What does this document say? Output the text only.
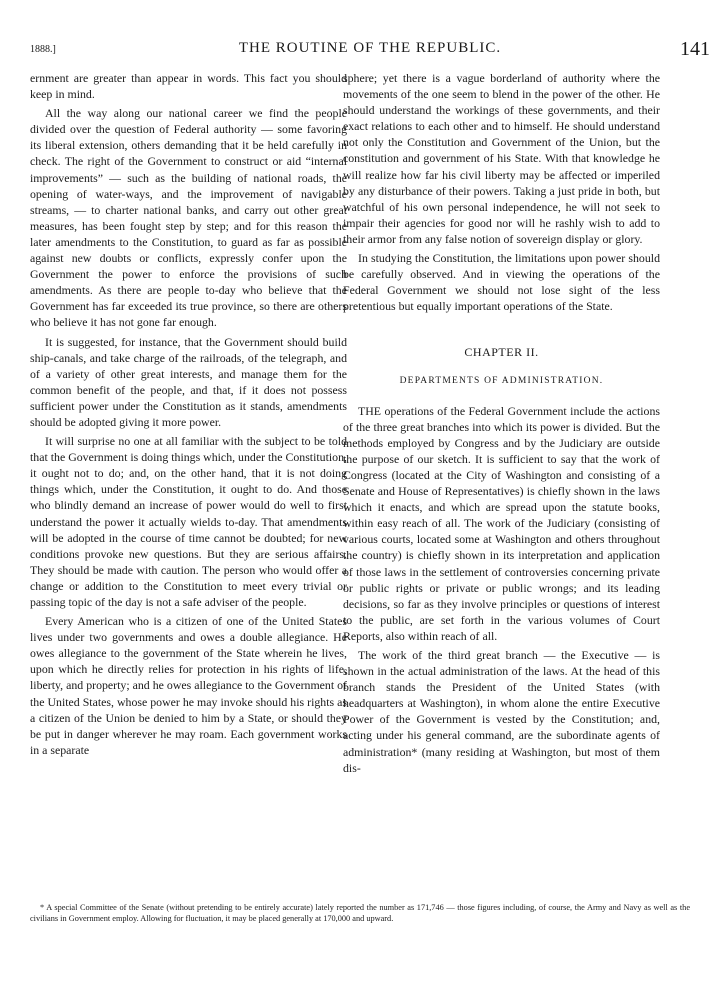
1888.]	THE ROUTINE OF THE REPUBLIC.	141

ernment are greater than appear in words. This fact you should keep in mind.

All the way along our national career we find the people divided over the question of Federal authority — some favoring its liberal extension, others demanding that it be held carefully in check. The right of the Government to construct or aid “internal improvements” — such as the building of national roads, the opening of water-ways, and the improvement of navigable streams, — to charter national banks, and carry out other great measures, has been fought step by step; and for this reason the later amendments to the Constitution, to guard as far as possible against new doubts or conflicts, expressly confer upon the Government the power to enforce the provisions of such amendments. As there are people to-day who believe that the Government has far exceeded its true province, so there are others who believe it has not gone far enough.

It is suggested, for instance, that the Government should build ship-canals, and take charge of the railroads, of the telegraph, and of a variety of other great interests, and manage them for the common benefit of the people, and that, if it does not possess sufficient power under the Constitution as it stands, amendments should be adopted giving it more power.

It will surprise no one at all familiar with the subject to be told that the Government is doing things which, under the Constitution, it ought not to do; and, on the other hand, that it is not doing things which, under the Constitution, it ought to do. And those who blindly demand an increase of power would do well to first understand the power it actually wields to-day. That amendments will be adopted in the course of time cannot be doubted; for new conditions provoke new questions. But they are serious affairs. They should be made with caution. The person who would offer a change or addition to the Constitution to meet every trivial or passing topic of the day is not a safe adviser of the people.

Every American who is a citizen of one of the United States lives under two governments and owes a double allegiance. He owes allegiance to the government of the State wherein he lives, upon which he directly relies for protection in his rights of life, liberty, and property; and he owes allegiance to the Government of the United States, whose power he may invoke should his rights as a citizen of the Union be denied to him by a State, or should they be put in danger wherever he may roam. Each government works in a separate

sphere; yet there is a vague borderland of authority where the movements of the one seem to blend in the power of the other. He should understand the workings of these governments, and their exact relations to each other and to himself. He should understand not only the Constitution and Government of the Union, but the constitution and government of his State. With that knowledge he will realize how far his civil liberty may be affected or imperiled by any disturbance of their powers. Taking a just pride in both, but watchful of his own personal independence, he will not seek to impair their agencies for good nor will he rashly wish to add to their armor from any false notion of sovereign display or glory.

In studying the Constitution, the limitations upon power should be carefully observed. And in viewing the operations of the Federal Government we should not lose sight of the less pretentious but equally important operations of the State.

CHAPTER II.
DEPARTMENTS OF ADMINISTRATION.

THE operations of the Federal Government include the actions of the three great branches into which its power is divided. But the methods employed by Congress and by the Judiciary are outside the purpose of our sketch. It is sufficient to say that the work of Congress (located at the City of Washington and consisting of a Senate and House of Representatives) is chiefly shown in the laws which it enacts, and which are spread upon the statute books, within easy reach of all. The work of the Judiciary (consisting of various courts, located some at Washington and others throughout the country) is chiefly shown in its interpretation and application of those laws in the settlement of controversies concerning private or public rights or private or public wrongs; and its leading decisions, so far as they involve principles or questions of interest to the public, are set forth in the various volumes of Court Reports, also within reach of all.

The work of the third great branch — the Executive — is shown in the actual administration of the laws. At the head of this branch stands the President of the United States (with headquarters at Washington), in whom alone the entire Executive Power of the Government is vested by the Constitution; and, acting under his general command, are the subordinate agents of administration* (many residing at Washington, but most of them dis-

* A special Committee of the Senate (without pretending to be entirely accurate) lately reported the number as 171,746 — those figures including, of course, the Army and Navy as well as the civilians in Government employ. Allowing for fluctuation, it may be placed generally at 170,000 and upward.
